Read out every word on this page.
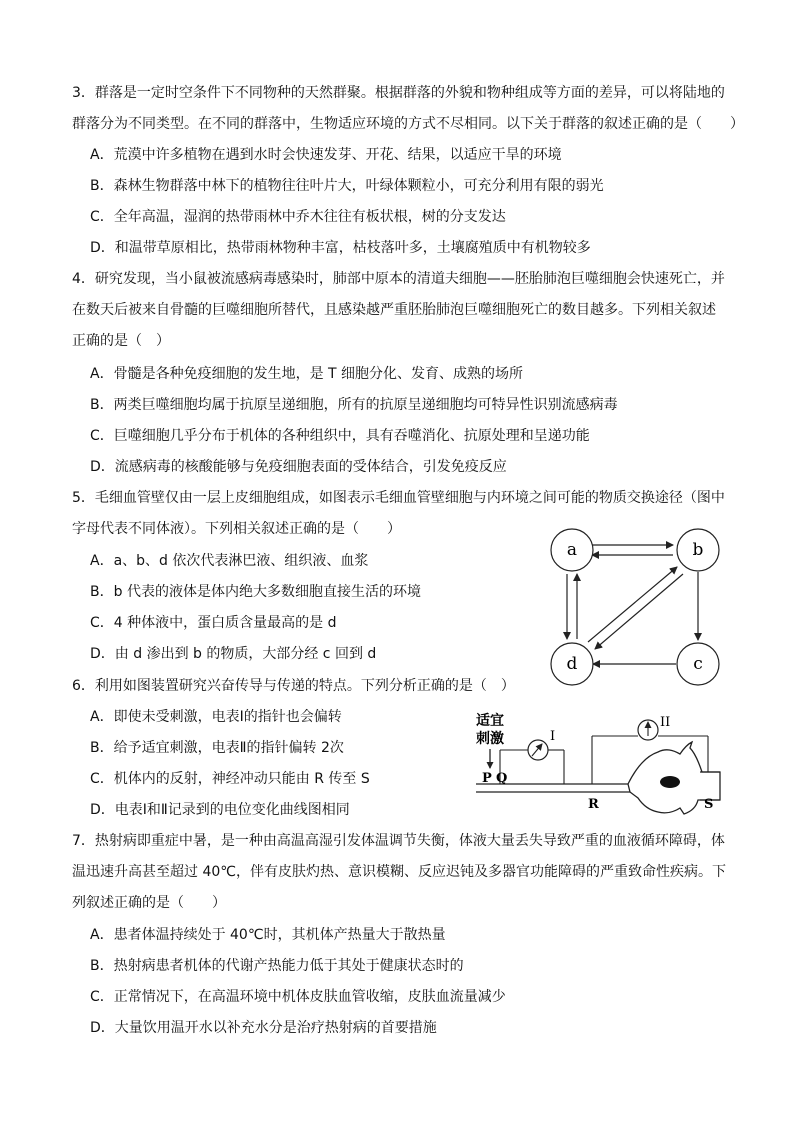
3．群落是一定时空条件下不同物种的天然群聚。根据群落的外貌和物种组成等方面的差异，可以将陆地的
群落分为不同类型。在不同的群落中，生物适应环境的方式不尽相同。以下关于群落的叙述正确的是（　　）
A．荒漠中许多植物在遇到水时会快速发芽、开花、结果，以适应干旱的环境
B．森林生物群落中林下的植物往往叶片大，叶绿体颗粒小，可充分利用有限的弱光
C．全年高温，湿润的热带雨林中乔木往往有板状根，树的分支发达
D．和温带草原相比，热带雨林物种丰富，枯枝落叶多，土壤腐殖质中有机物较多
4．研究发现，当小鼠被流感病毒感染时，肺部中原本的清道夫细胞——胚胎肺泡巨噬细胞会快速死亡，并
在数天后被来自骨髓的巨噬细胞所替代，且感染越严重胚胎肺泡巨噬细胞死亡的数目越多。下列相关叙述
正确的是（　）
A．骨髓是各种免疫细胞的发生地，是 T 细胞分化、发育、成熟的场所
B．两类巨噬细胞均属于抗原呈递细胞，所有的抗原呈递细胞均可特异性识别流感病毒
C．巨噬细胞几乎分布于机体的各种组织中，具有吞噬消化、抗原处理和呈递功能
D．流感病毒的核酸能够与免疫细胞表面的受体结合，引发免疫反应
5．毛细血管壁仅由一层上皮细胞组成，如图表示毛细血管壁细胞与内环境之间可能的物质交换途径（图中
字母代表不同体液）。下列相关叙述正确的是（　　）
A．a、b、d 依次代表淋巴液、组织液、血浆
B．b 代表的液体是体内绝大多数细胞直接生活的环境
C．4 种体液中，蛋白质含量最高的是 d
D．由 d 渗出到 b 的物质，大部分经 c 回到 d
a	b
c
d
6．利用如图装置研究兴奋传导与传递的特点。下列分析正确的是（　）
A．即使未受刺激，电表Ⅰ的指针也会偏转
B．给予适宜刺激，电表Ⅱ的指针偏转 2次
C．机体内的反射，神经冲动只能由 R 传至 S
D．电表Ⅰ和Ⅱ记录到的电位变化曲线图相同
适宜
刺激	I
II
P Q
R	S
7．热射病即重症中暑，是一种由高温高湿引发体温调节失衡，体液大量丢失导致严重的血液循环障碍，体
温迅速升高甚至超过 40℃，伴有皮肤灼热、意识模糊、反应迟钝及多器官功能障碍的严重致命性疾病。下
列叙述正确的是（　　）
A．患者体温持续处于 40℃时，其机体产热量大于散热量
B．热射病患者机体的代谢产热能力低于其处于健康状态时的
C．正常情况下，在高温环境中机体皮肤血管收缩，皮肤血流量减少
D．大量饮用温开水以补充水分是治疗热射病的首要措施
